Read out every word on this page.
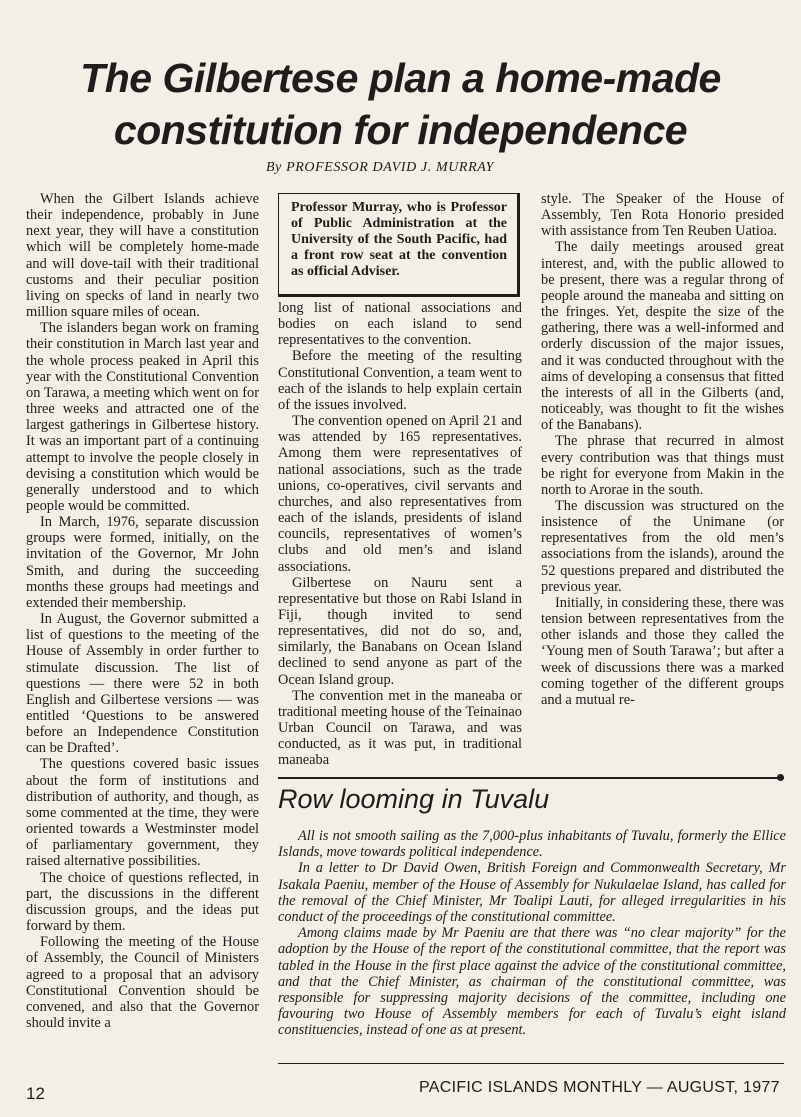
The Gilbertese plan a home-made
constitution for independence
By PROFESSOR DAVID J. MURRAY

When the Gilbert Islands achieve their independence, probably in June next year, they will have a constitution which will be completely home-made and will dove-tail with their traditional customs and their peculiar position living on specks of land in nearly two million square miles of ocean.

The islanders began work on framing their constitution in March last year and the whole process peaked in April this year with the Constitutional Convention on Tarawa, a meeting which went on for three weeks and attracted one of the largest gatherings in Gilbertese history. It was an important part of a continuing attempt to involve the people closely in devising a constitution which would be generally understood and to which people would be committed.

In March, 1976, separate discussion groups were formed, initially, on the invitation of the Governor, Mr John Smith, and during the succeeding months these groups had meetings and extended their membership.

In August, the Governor submitted a list of questions to the meeting of the House of Assembly in order further to stimulate discussion. The list of questions — there were 52 in both English and Gilbertese versions — was entitled ‘Questions to be answered before an Independence Constitution can be Drafted’.

The questions covered basic issues about the form of institutions and distribution of authority, and though, as some commented at the time, they were oriented towards a Westminster model of parliamentary government, they raised alternative possibilities.

The choice of questions reflected, in part, the discussions in the different discussion groups, and the ideas put forward by them.

Following the meeting of the House of Assembly, the Council of Ministers agreed to a proposal that an advisory Constitutional Convention should be convened, and also that the Governor should invite a

Professor Murray, who is Professor of Public Administration at the University of the South Pacific, had a front row seat at the convention as official Adviser.

long list of national associations and bodies on each island to send representatives to the convention.

Before the meeting of the resulting Constitutional Convention, a team went to each of the islands to help explain certain of the issues involved.

The convention opened on April 21 and was attended by 165 representatives. Among them were representatives of national associations, such as the trade unions, co-operatives, civil servants and churches, and also representatives from each of the islands, presidents of island councils, representatives of women’s clubs and old men’s and island associations.

Gilbertese on Nauru sent a representative but those on Rabi Island in Fiji, though invited to send representatives, did not do so, and, similarly, the Banabans on Ocean Island declined to send anyone as part of the Ocean Island group.

The convention met in the maneaba or traditional meeting house of the Teinainao Urban Council on Tarawa, and was conducted, as it was put, in traditional maneaba

style. The Speaker of the House of Assembly, Ten Rota Honorio presided with assistance from Ten Reuben Uatioa.

The daily meetings aroused great interest, and, with the public allowed to be present, there was a regular throng of people around the maneaba and sitting on the fringes. Yet, despite the size of the gathering, there was a well-informed and orderly discussion of the major issues, and it was conducted throughout with the aims of developing a consensus that fitted the interests of all in the Gilberts (and, noticeably, was thought to fit the wishes of the Banabans).

The phrase that recurred in almost every contribution was that things must be right for everyone from Makin in the north to Arorae in the south.

The discussion was structured on the insistence of the Unimane (or representatives from the old men’s associations from the islands), around the 52 questions prepared and distributed the previous year.

Initially, in considering these, there was tension between representatives from the other islands and those they called the ‘Young men of South Tarawa’; but after a week of discussions there was a marked coming together of the different groups and a mutual re-

Row looming in Tuvalu

All is not smooth sailing as the 7,000-plus inhabitants of Tuvalu, formerly the Ellice Islands, move towards political independence.

In a letter to Dr David Owen, British Foreign and Commonwealth Secretary, Mr Isakala Paeniu, member of the House of Assembly for Nukulaelae Island, has called for the removal of the Chief Minister, Mr Toalipi Lauti, for alleged irregularities in his conduct of the proceedings of the constitutional committee.

Among claims made by Mr Paeniu are that there was “no clear majority” for the adoption by the House of the report of the constitutional committee, that the report was tabled in the House in the first place against the advice of the constitutional committee, and that the Chief Minister, as chairman of the constitutional committee, was responsible for suppressing majority decisions of the committee, including one favouring two House of Assembly members for each of Tuvalu’s eight island constituencies, instead of one as at present.

12	PACIFIC ISLANDS MONTHLY — AUGUST, 1977
